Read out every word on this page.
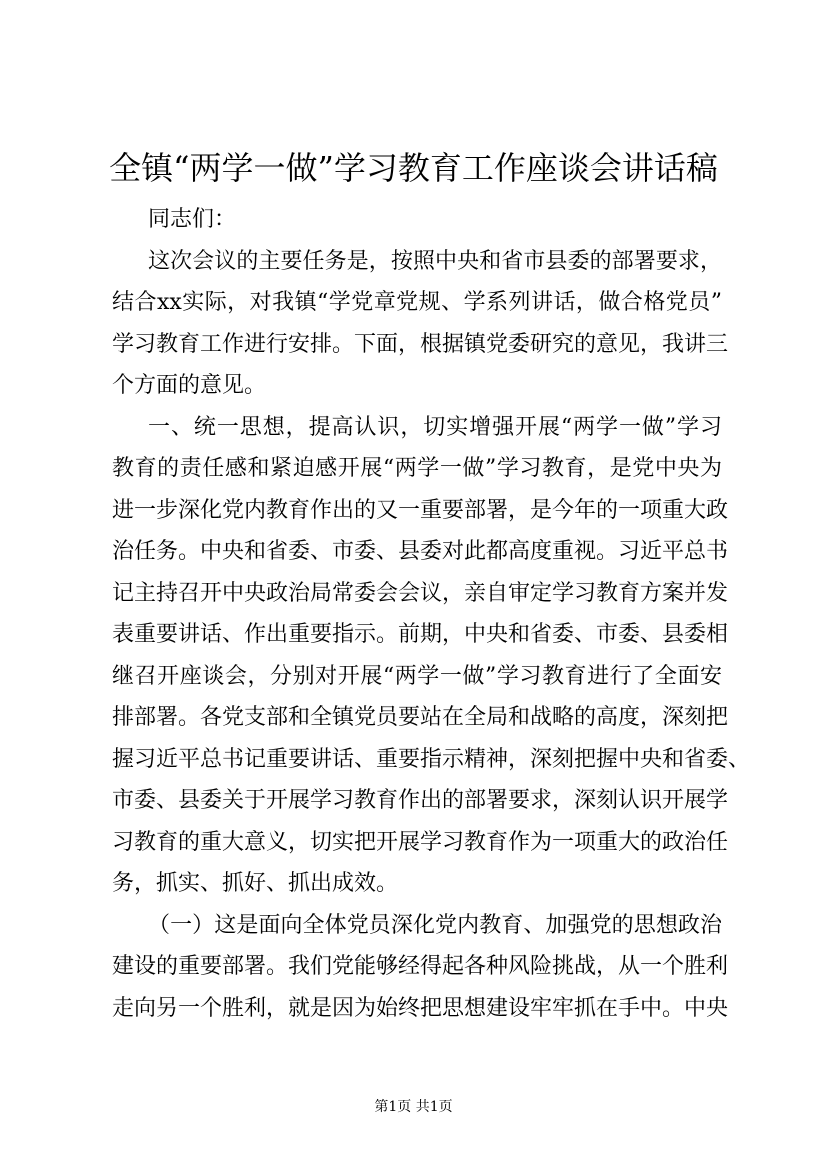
全镇“两学一做”学习教育工作座谈会讲话稿
同志们：
这次会议的主要任务是，按照中央和省市县委的部署要求，
结合xx实际，对我镇“学党章党规、学系列讲话，做合格党员”
学习教育工作进行安排。下面，根据镇党委研究的意见，我讲三
个方面的意见。
一、统一思想，提高认识，切实增强开展“两学一做”学习
教育的责任感和紧迫感开展“两学一做”学习教育，是党中央为
进一步深化党内教育作出的又一重要部署，是今年的一项重大政
治任务。中央和省委、市委、县委对此都高度重视。习近平总书
记主持召开中央政治局常委会会议，亲自审定学习教育方案并发
表重要讲话、作出重要指示。前期，中央和省委、市委、县委相
继召开座谈会，分别对开展“两学一做”学习教育进行了全面安
排部署。各党支部和全镇党员要站在全局和战略的高度，深刻把
握习近平总书记重要讲话、重要指示精神，深刻把握中央和省委、
市委、县委关于开展学习教育作出的部署要求，深刻认识开展学
习教育的重大意义，切实把开展学习教育作为一项重大的政治任
务，抓实、抓好、抓出成效。
（一）这是面向全体党员深化党内教育、加强党的思想政治
建设的重要部署。我们党能够经得起各种风险挑战，从一个胜利
走向另一个胜利，就是因为始终把思想建设牢牢抓在手中。中央
第1页 共1页
